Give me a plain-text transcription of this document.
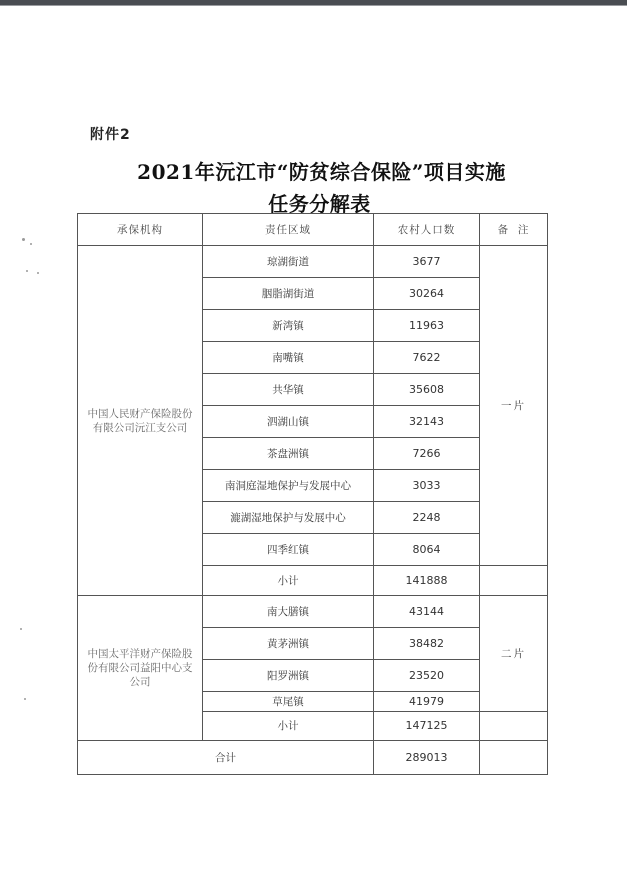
附件2
2021年沅江市“防贫综合保险”项目实施
任务分解表
承保机构	责任区域	农村人口数	备  注
中国人民财产保险股份有限公司沅江支公司	琼湖街道	3677	一片
	胭脂湖街道	30264	
	新湾镇	11963	
	南嘴镇	7622	
	共华镇	35608	
	泗湖山镇	32143	
	茶盘洲镇	7266	
	南洞庭湿地保护与发展中心	3033	
	漉湖湿地保护与发展中心	2248	
	四季红镇	8064	
	小计	141888	
中国太平洋财产保险股份有限公司益阳中心支公司	南大膳镇	43144	二片
	黄茅洲镇	38482	
	阳罗洲镇	23520	
	草尾镇	41979	
	小计	147125	
合计		289013	
